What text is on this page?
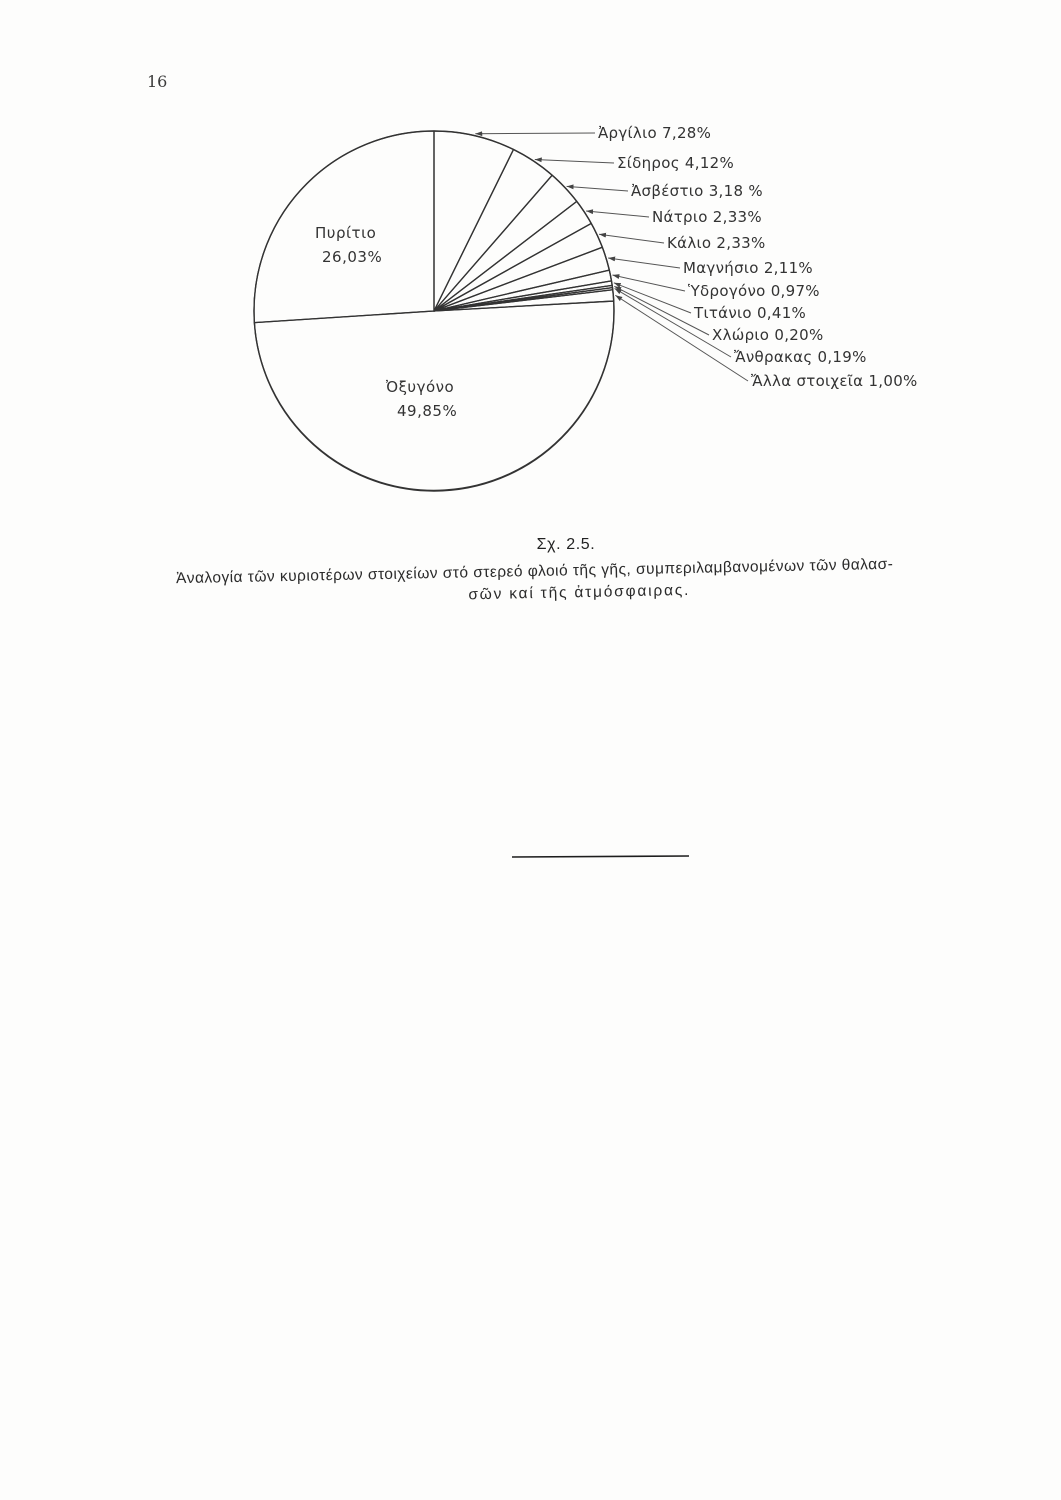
16
Ἀργίλιο 7,28%
Σίδηρος 4,12%
Ἀσβέστιο 3,18 %
Νάτριο 2,33%
Κάλιο 2,33%
Μαγνήσιο 2,11%
Ὑδρογόνο 0,97%
Τιτάνιο 0,41%
Χλώριο 0,20%
Ἄνθρακας 0,19%
Ἄλλα στοιχεῖα 1,00%
Ὀξυγόνο
49,85%
Πυρίτιο
26,03%
Σχ. 2.5.
Ἀναλογία τῶν κυριοτέρων στοιχείων στό στερεό φλοιό τῆς γῆς, συμπεριλαμβανομένων τῶν θαλασ-
σῶν καί τῆς ἀτμόσφαιρας.
